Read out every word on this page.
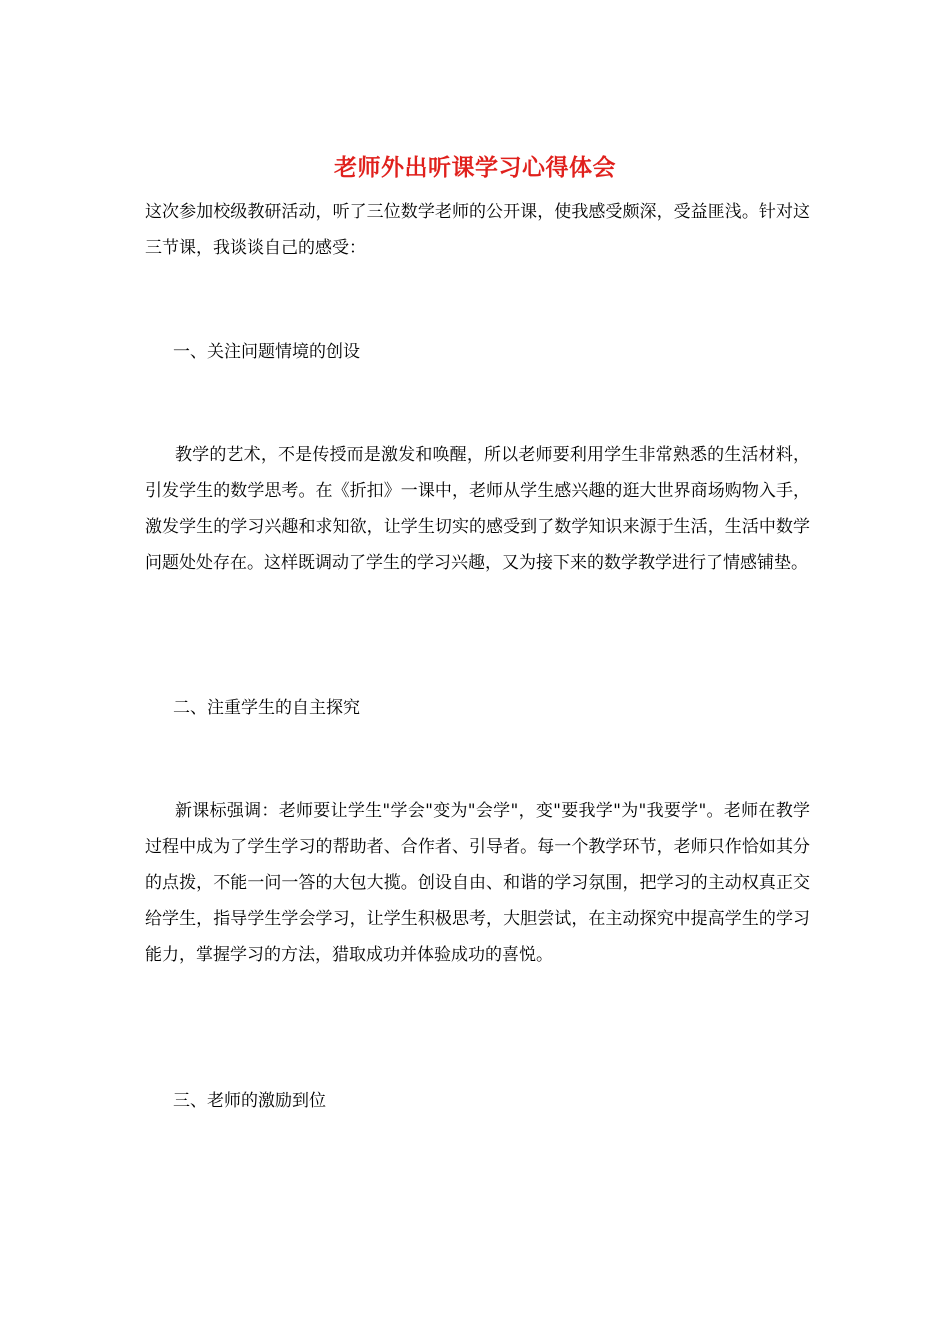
老师外出听课学习心得体会

这次参加校级教研活动，听了三位数学老师的公开课，使我感受颇深，受益匪浅。针对这三节课，我谈谈自己的感受：

一、关注问题情境的创设

教学的艺术，不是传授而是激发和唤醒，所以老师要利用学生非常熟悉的生活材料，引发学生的数学思考。在《折扣》一课中，老师从学生感兴趣的逛大世界商场购物入手，激发学生的学习兴趣和求知欲，让学生切实的感受到了数学知识来源于生活，生活中数学问题处处存在。这样既调动了学生的学习兴趣，又为接下来的数学教学进行了情感铺垫。

二、注重学生的自主探究

新课标强调：老师要让学生"学会"变为"会学"，变"要我学"为"我要学"。老师在教学过程中成为了学生学习的帮助者、合作者、引导者。每一个教学环节，老师只作恰如其分的点拨，不能一问一答的大包大揽。创设自由、和谐的学习氛围，把学习的主动权真正交给学生，指导学生学会学习，让学生积极思考，大胆尝试，在主动探究中提高学生的学习能力，掌握学习的方法，猎取成功并体验成功的喜悦。

三、老师的激励到位
